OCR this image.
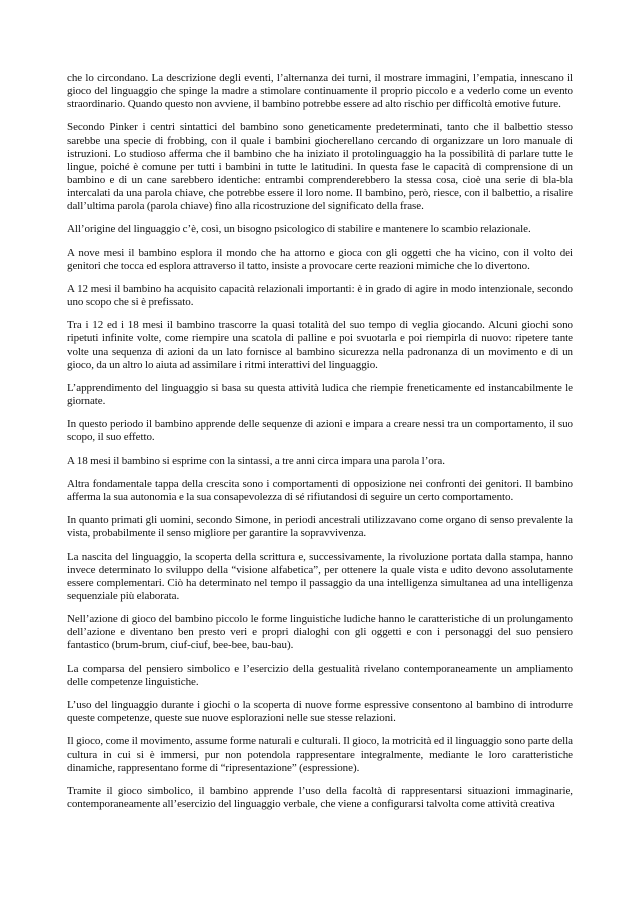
che lo circondano. La descrizione degli eventi, l’alternanza dei turni, il mostrare immagini, l’empatia, innescano il gioco del linguaggio che spinge la madre a stimolare continuamente il proprio piccolo e a vederlo come un evento straordinario. Quando questo non avviene, il bambino potrebbe essere ad alto rischio per difficoltà emotive future.

Secondo Pinker i centri sintattici del bambino sono geneticamente predeterminati, tanto che il balbettio stesso sarebbe una specie di frobbing, con il quale i bambini giocherellano cercando di organizzare un loro manuale di istruzioni. Lo studioso afferma che il bambino che ha iniziato il protolinguaggio ha la possibilità di parlare tutte le lingue, poiché è comune per tutti i bambini in tutte le latitudini. In questa fase le capacità di comprensione di un bambino e di un cane sarebbero identiche: entrambi comprenderebbero la stessa cosa, cioè una serie di bla-bla intercalati da una parola chiave, che potrebbe essere il loro nome. Il bambino, però, riesce, con il balbettio, a risalire dall’ultima parola (parola chiave) fino alla ricostruzione del significato della frase.

All’origine del linguaggio c’è, così, un bisogno psicologico di stabilire e mantenere lo scambio relazionale.

A nove mesi il bambino esplora il mondo che ha attorno e gioca con gli oggetti che ha vicino, con il volto dei genitori che tocca ed esplora attraverso il tatto, insiste a provocare certe reazioni mimiche che lo divertono.

A 12 mesi il bambino ha acquisito capacità relazionali importanti: è in grado di agire in modo intenzionale, secondo uno scopo che si è prefissato.

Tra i 12 ed i 18 mesi il bambino trascorre la quasi totalità del suo tempo di veglia giocando. Alcuni giochi sono ripetuti infinite volte, come riempire una scatola di palline e poi svuotarla e poi riempirla di nuovo: ripetere tante volte una sequenza di azioni da un lato fornisce al bambino sicurezza nella padronanza di un movimento e di un gioco, da un altro lo aiuta ad assimilare i ritmi interattivi del linguaggio.

L’apprendimento del linguaggio si basa su questa attività ludica che riempie freneticamente ed instancabilmente le giornate.

In questo periodo il bambino apprende delle sequenze di azioni e impara a creare nessi tra un comportamento, il suo scopo, il suo effetto.

A 18 mesi il bambino si esprime con la sintassi, a tre anni circa impara una parola l’ora.

Altra fondamentale tappa della crescita sono i comportamenti di opposizione nei confronti dei genitori. Il bambino afferma la sua autonomia e la sua consapevolezza di sé rifiutandosi di seguire un certo comportamento.

In quanto primati gli uomini, secondo Simone, in periodi ancestrali utilizzavano come organo di senso prevalente la vista, probabilmente il senso migliore per garantire la sopravvivenza.

La nascita del linguaggio, la scoperta della scrittura e, successivamente, la rivoluzione portata dalla stampa, hanno invece determinato lo sviluppo della “visione alfabetica”, per ottenere la quale vista e udito devono assolutamente essere complementari. Ciò ha determinato nel tempo il passaggio da una intelligenza simultanea ad una intelligenza sequenziale più elaborata.

Nell’azione di gioco del bambino piccolo le forme linguistiche ludiche hanno le caratteristiche di un prolungamento dell’azione e diventano ben presto veri e propri dialoghi con gli oggetti e con i personaggi del suo pensiero fantastico (brum-brum, ciuf-ciuf, bee-bee, bau-bau).

La comparsa del pensiero simbolico e l’esercizio della gestualità rivelano contemporaneamente un ampliamento delle competenze linguistiche.

L’uso del linguaggio durante i giochi o la scoperta di nuove forme espressive consentono al bambino di introdurre queste competenze, queste sue nuove esplorazioni nelle sue stesse relazioni.

Il gioco, come il movimento, assume forme naturali e culturali. Il gioco, la motricità ed il linguaggio sono parte della cultura in cui si è immersi, pur non potendola rappresentare integralmente, mediante le loro caratteristiche dinamiche, rappresentano forme di “ripresentazione” (espressione).

Tramite il gioco simbolico, il bambino apprende l’uso della facoltà di rappresentarsi situazioni immaginarie, contemporaneamente all’esercizio del linguaggio verbale, che viene a configurarsi talvolta come attività creativa
